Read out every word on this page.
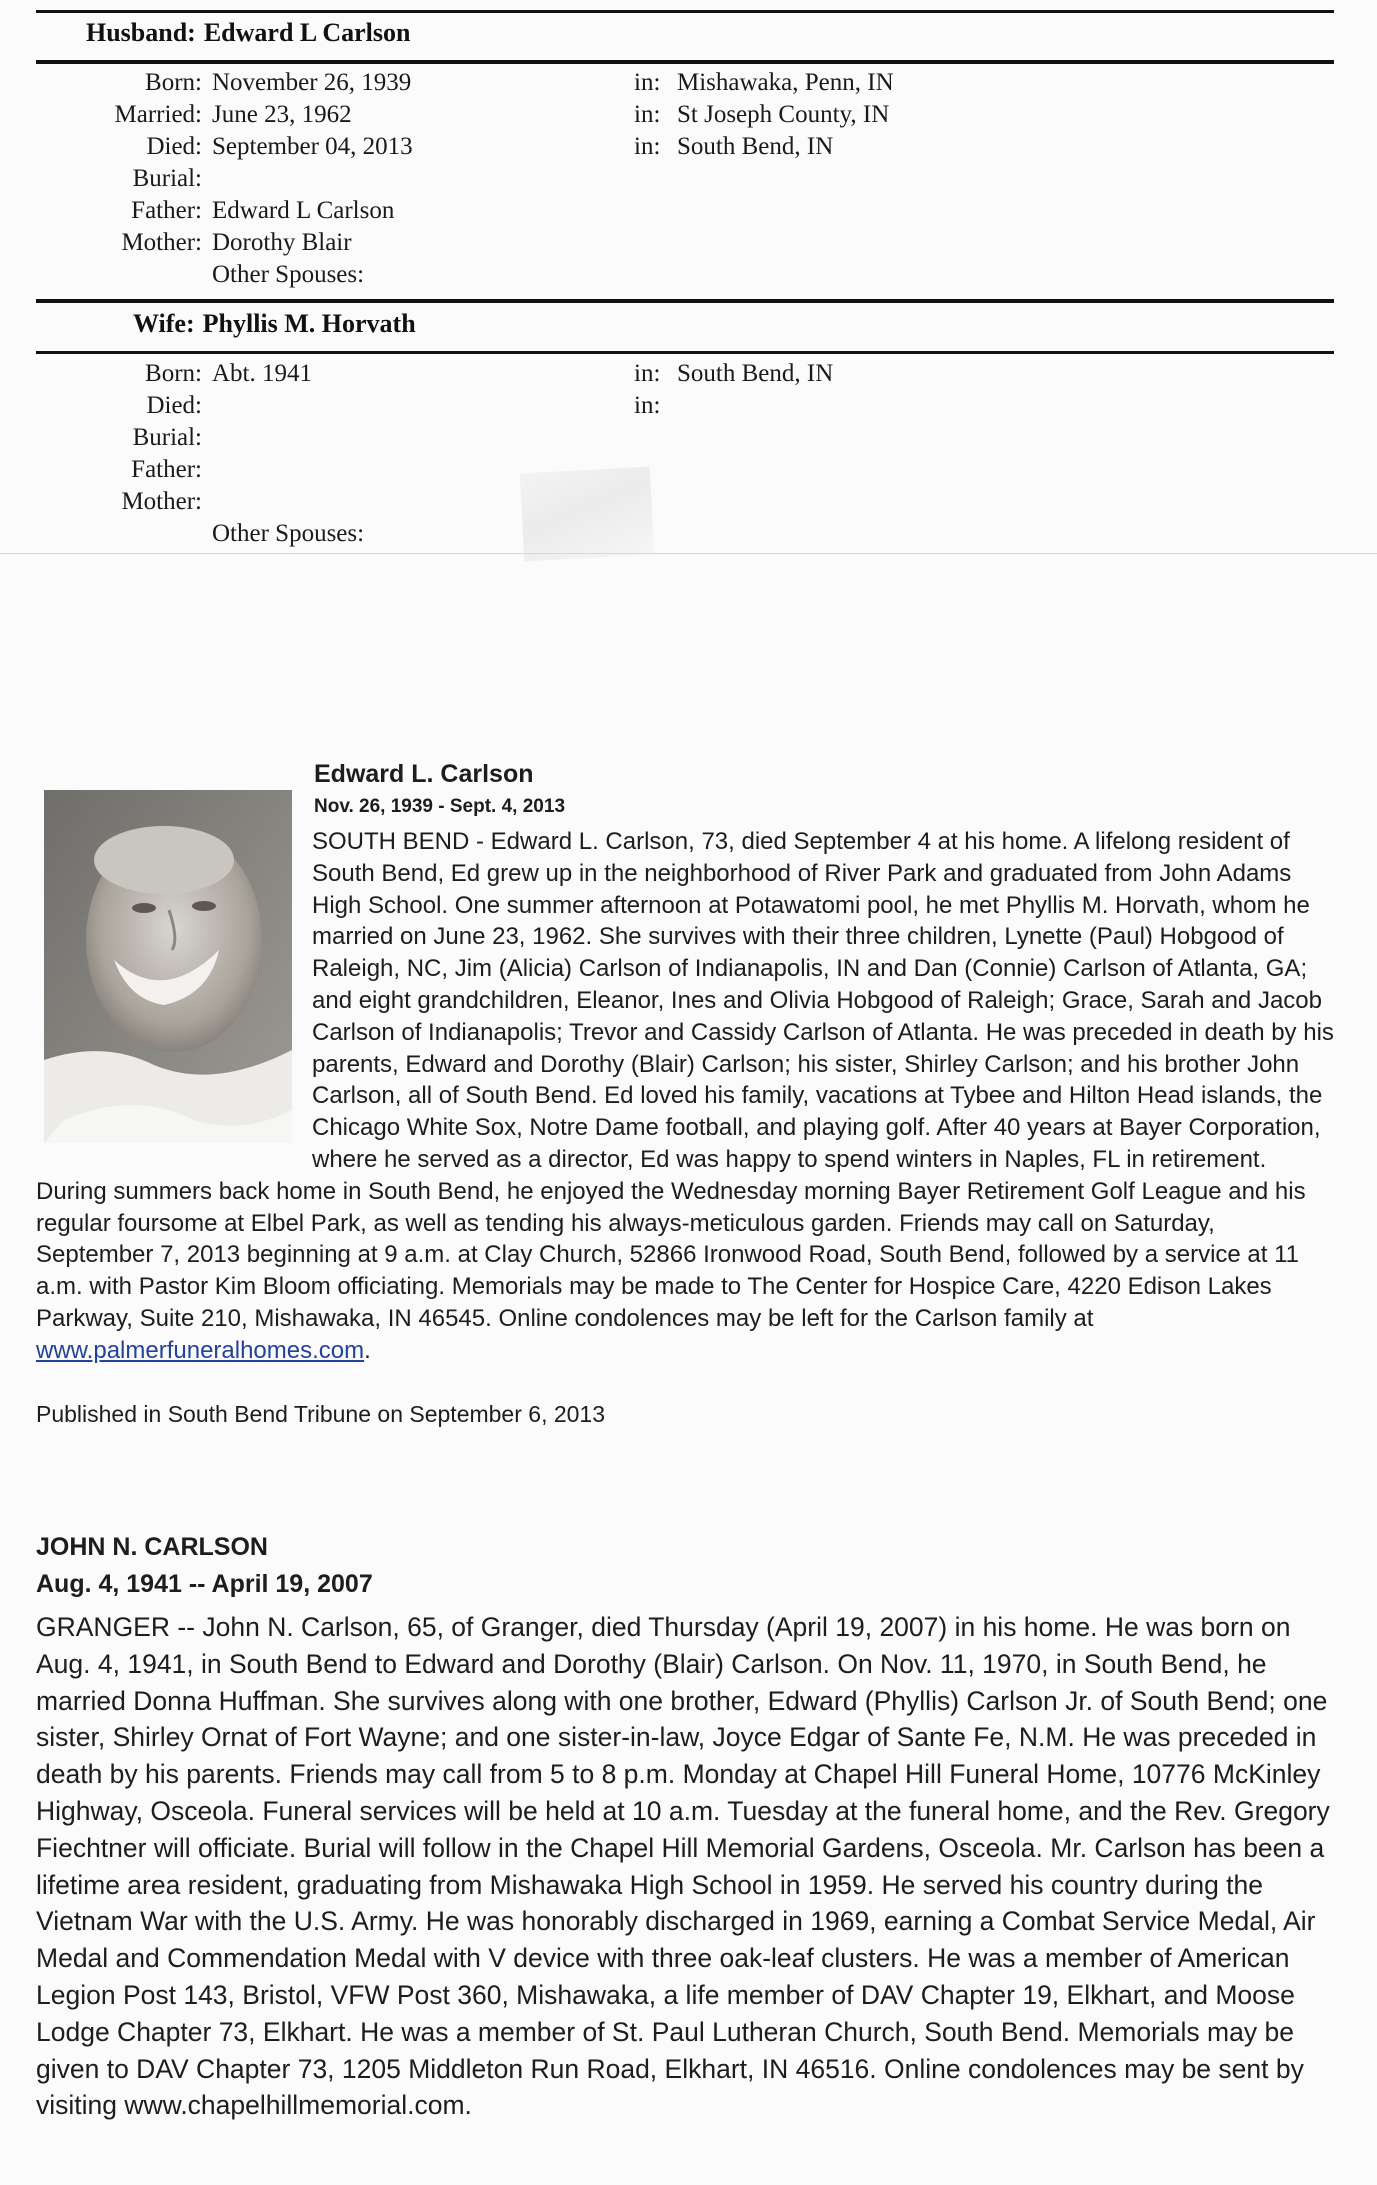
Husband: Edward L Carlson
Born: November 26, 1939	in: Mishawaka, Penn, IN
Married: June 23, 1962	in: St Joseph County, IN
Died: September 04, 2013	in: South Bend, IN
Burial:
Father: Edward L Carlson
Mother: Dorothy Blair
Other Spouses:
Wife: Phyllis M. Horvath
Born: Abt. 1941	in: South Bend, IN
Died:	in:
Burial:
Father:
Mother:
Other Spouses:
Edward L. Carlson
Nov. 26, 1939 - Sept. 4, 2013

SOUTH BEND - Edward L. Carlson, 73, died September 4 at his home. A lifelong resident of South Bend, Ed grew up in the neighborhood of River Park and graduated from John Adams High School. One summer afternoon at Potawatomi pool, he met Phyllis M. Horvath, whom he married on June 23, 1962. She survives with their three children, Lynette (Paul) Hobgood of Raleigh, NC, Jim (Alicia) Carlson of Indianapolis, IN and Dan (Connie) Carlson of Atlanta, GA; and eight grandchildren, Eleanor, Ines and Olivia Hobgood of Raleigh; Grace, Sarah and Jacob Carlson of Indianapolis; Trevor and Cassidy Carlson of Atlanta. He was preceded in death by his parents, Edward and Dorothy (Blair) Carlson; his sister, Shirley Carlson; and his brother John Carlson, all of South Bend. Ed loved his family, vacations at Tybee and Hilton Head islands, the Chicago White Sox, Notre Dame football, and playing golf. After 40 years at Bayer Corporation, where he served as a director, Ed was happy to spend winters in Naples, FL in retirement. During summers back home in South Bend, he enjoyed the Wednesday morning Bayer Retirement Golf League and his regular foursome at Elbel Park, as well as tending his always-meticulous garden. Friends may call on Saturday, September 7, 2013 beginning at 9 a.m. at Clay Church, 52866 Ironwood Road, South Bend, followed by a service at 11 a.m. with Pastor Kim Bloom officiating. Memorials may be made to The Center for Hospice Care, 4220 Edison Lakes Parkway, Suite 210, Mishawaka, IN 46545. Online condolences may be left for the Carlson family at www.palmerfuneralhomes.com.

Published in South Bend Tribune on September 6, 2013
JOHN N. CARLSON
Aug. 4, 1941 -- April 19, 2007

GRANGER -- John N. Carlson, 65, of Granger, died Thursday (April 19, 2007) in his home. He was born on Aug. 4, 1941, in South Bend to Edward and Dorothy (Blair) Carlson. On Nov. 11, 1970, in South Bend, he married Donna Huffman. She survives along with one brother, Edward (Phyllis) Carlson Jr. of South Bend; one sister, Shirley Ornat of Fort Wayne; and one sister-in-law, Joyce Edgar of Sante Fe, N.M. He was preceded in death by his parents. Friends may call from 5 to 8 p.m. Monday at Chapel Hill Funeral Home, 10776 McKinley Highway, Osceola. Funeral services will be held at 10 a.m. Tuesday at the funeral home, and the Rev. Gregory Fiechtner will officiate. Burial will follow in the Chapel Hill Memorial Gardens, Osceola. Mr. Carlson has been a lifetime area resident, graduating from Mishawaka High School in 1959. He served his country during the Vietnam War with the U.S. Army. He was honorably discharged in 1969, earning a Combat Service Medal, Air Medal and Commendation Medal with V device with three oak-leaf clusters. He was a member of American Legion Post 143, Bristol, VFW Post 360, Mishawaka, a life member of DAV Chapter 19, Elkhart, and Moose Lodge Chapter 73, Elkhart. He was a member of St. Paul Lutheran Church, South Bend. Memorials may be given to DAV Chapter 73, 1205 Middleton Run Road, Elkhart, IN 46516. Online condolences may be sent by visiting www.chapelhillmemorial.com.
